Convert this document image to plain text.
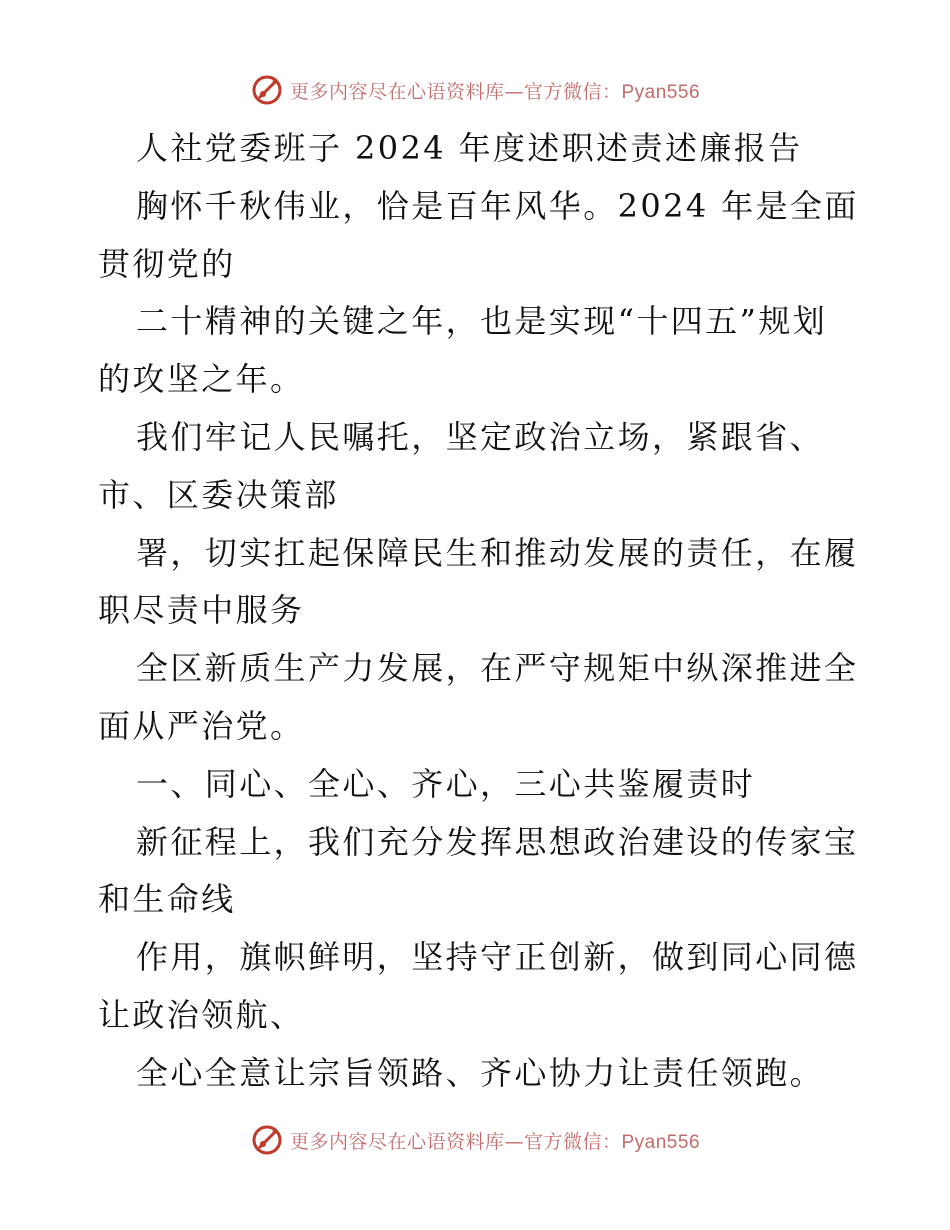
更多内容尽在心语资料库—官方微信：Pyan556
人社党委班子 2024 年度述职述责述廉报告
胸怀千秋伟业，恰是百年风华。2024 年是全面
贯彻党的
二十精神的关键之年，也是实现“十四五”规划
的攻坚之年。
我们牢记人民嘱托，坚定政治立场，紧跟省、
市、区委决策部
署，切实扛起保障民生和推动发展的责任，在履
职尽责中服务
全区新质生产力发展，在严守规矩中纵深推进全
面从严治党。
一、同心、全心、齐心，三心共鉴履责时
新征程上，我们充分发挥思想政治建设的传家宝
和生命线
作用，旗帜鲜明，坚持守正创新，做到同心同德
让政治领航、
全心全意让宗旨领路、齐心协力让责任领跑。
更多内容尽在心语资料库—官方微信：Pyan556
